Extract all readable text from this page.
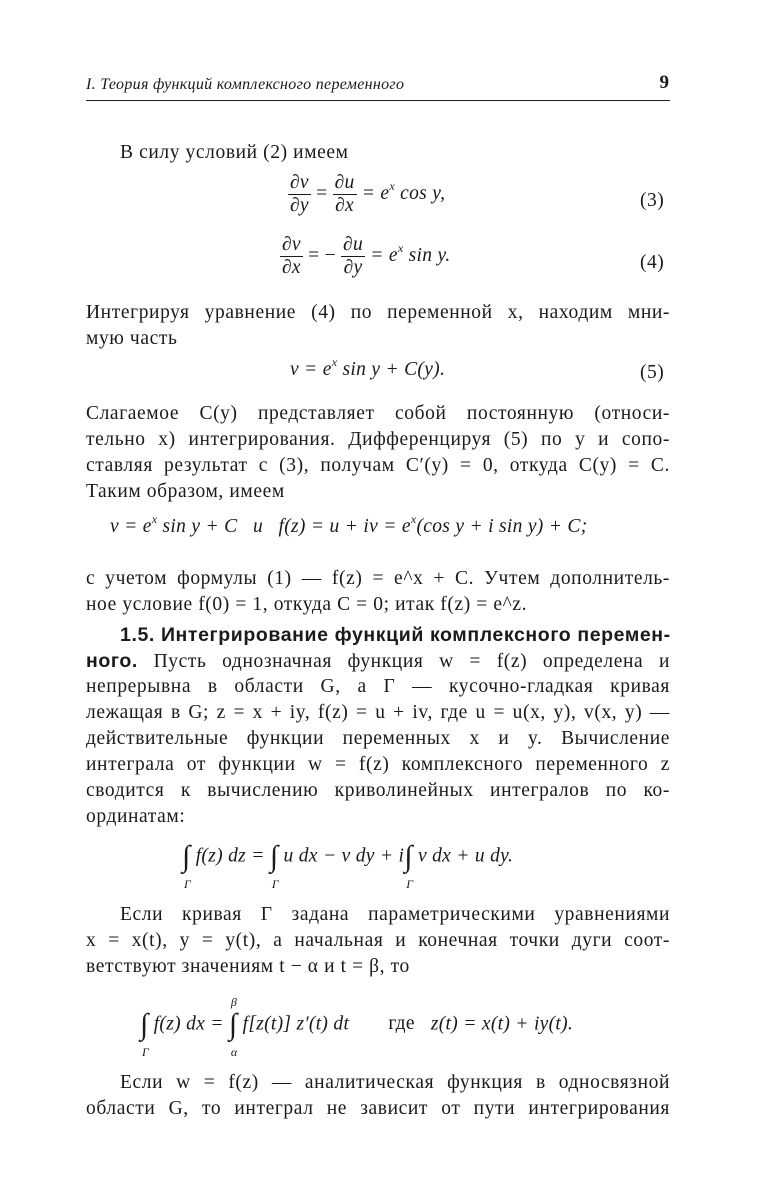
I. Теория функций комплексного переменного	9
В силу условий (2) имеем
$\frac{\partial v}{\partial y} = \frac{\partial u}{\partial x} = e^x$ cos y,	(3)
$\frac{\partial v}{\partial x}$ = − $\frac{\partial u}{\partial y} = e^x$ sin y.	(4)
Интегрируя уравнение (4) по переменной x, находим мни-
мую часть
$v = e^x$ sin y + C(y).	(5)
Слагаемое C(y) представляет собой постоянную (относи-
тельно x) интегрирования. Дифференцируя (5) по y и сопо-
ставляя результат с (3), получам C′(y) = 0, откуда C(y) = C.
Таким образом, имеем
$v = e^x$ sin y + C   и   f(z) = u + iv = $e^x(\cos$ y + i sin y) + C;
с учетом формулы (1) — f(z) = e^x + C. Учтем дополнитель-
ное условие f(0) = 1, откуда C = 0; итак f(z) = e^z.
1.5. Интегрирование функций комплексного перемен-
ного. Пусть однозначная функция w = f(z) определена и
непрерывна в области G, а Г — кусочно-гладкая кривая
лежащая в G; z = x + iy, f(z) = u + iv, где u = u(x, y), v(x, y) —
действительные функции переменных x и y. Вычисление
интеграла от функции w = f(z) комплексного переменного z
сводится к вычислению криволинейных интегралов по ко-
ординатам:
∫
Г
f(z) dz = ∫
Г
u dx − v dy + i∫
Г
v dx + u dy.
Если кривая Г задана параметрическими уравнениями
x = x(t), y = y(t), а начальная и конечная точки дуги соот-
ветствуют значениям t − α и t = β, то
∫
Г
f(z) dx = ∫
β
α
f[z(t)] z′(t) dt где z(t) = x(t) + iy(t).
Если w = f(z) — аналитическая функция в односвязной
области G, то интеграл не зависит от пути интегрирования
